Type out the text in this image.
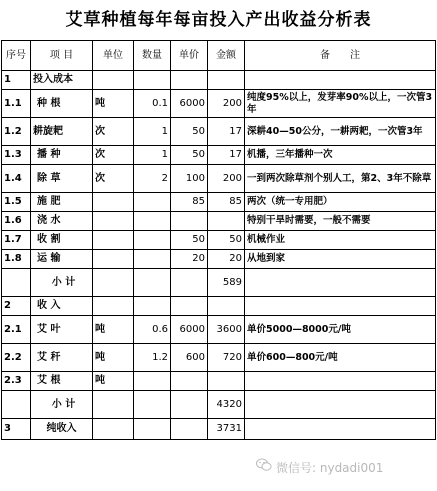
艾草种植每年每亩投入产出收益分析表
序号	项 目	单位	数量	单价	金额	备　　注
1	投入成本					
1.1	种 根	吨	0.1	6000	200	纯度95%以上，发芽率90%以上，一次管3年
1.2	耕旋耙	次	1	50	17	深耕40—50公分，一耕两耙，一次管3年
1.3	播 种	次	1	50	17	机播，三年播种一次
1.4	除 草	次	2	100	200	一到两次除草剂个别人工，第2、3年不除草
1.5	施 肥			85	85	两次（统一专用肥）
1.6	浇 水					特别干旱时需要，一般不需要
1.7	收 割			50	50	机械作业
1.8	运 输			20	20	从地到家
	小 计				589	
2	收 入					
2.1	艾 叶	吨	0.6	6000	3600	单价5000—8000元/吨
2.2	艾 秆	吨	1.2	600	720	单价600—800元/吨
2.3	艾 根	吨				
	小 计				4320	
3	纯收入				3731	
微信号: nydadi001
